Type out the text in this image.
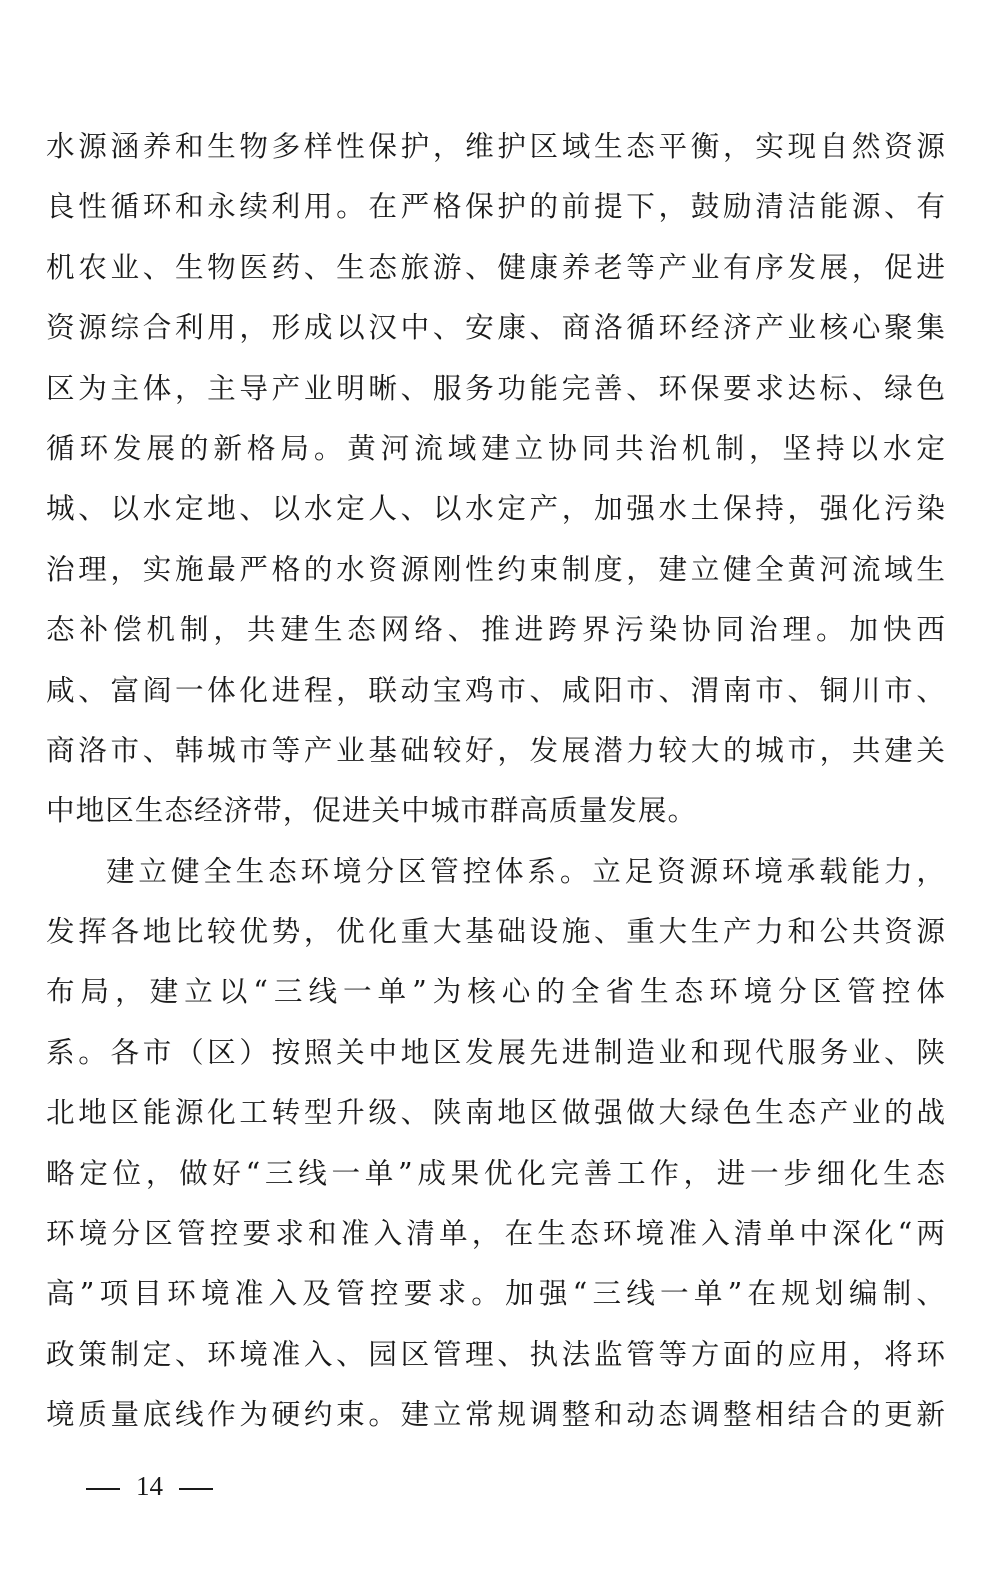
水源涵养和生物多样性保护，维护区域生态平衡，实现自然资源
良性循环和永续利用。在严格保护的前提下，鼓励清洁能源、有
机农业、生物医药、生态旅游、健康养老等产业有序发展，促进
资源综合利用，形成以汉中、安康、商洛循环经济产业核心聚集
区为主体，主导产业明晰、服务功能完善、环保要求达标、绿色
循环发展的新格局。黄河流域建立协同共治机制，坚持以水定
城、以水定地、以水定人、以水定产，加强水土保持，强化污染
治理，实施最严格的水资源刚性约束制度，建立健全黄河流域生
态补偿机制，共建生态网络、推进跨界污染协同治理。加快西
咸、富阎一体化进程，联动宝鸡市、咸阳市、渭南市、铜川市、
商洛市、韩城市等产业基础较好，发展潜力较大的城市，共建关
中地区生态经济带，促进关中城市群高质量发展。
建立健全生态环境分区管控体系。立足资源环境承载能力，
发挥各地比较优势，优化重大基础设施、重大生产力和公共资源
布局，建立以“三线一单”为核心的全省生态环境分区管控体
系。各市（区）按照关中地区发展先进制造业和现代服务业、陕
北地区能源化工转型升级、陕南地区做强做大绿色生态产业的战
略定位，做好“三线一单”成果优化完善工作，进一步细化生态
环境分区管控要求和准入清单，在生态环境准入清单中深化“两
高”项目环境准入及管控要求。加强“三线一单”在规划编制、
政策制定、环境准入、园区管理、执法监管等方面的应用，将环
境质量底线作为硬约束。建立常规调整和动态调整相结合的更新
14
